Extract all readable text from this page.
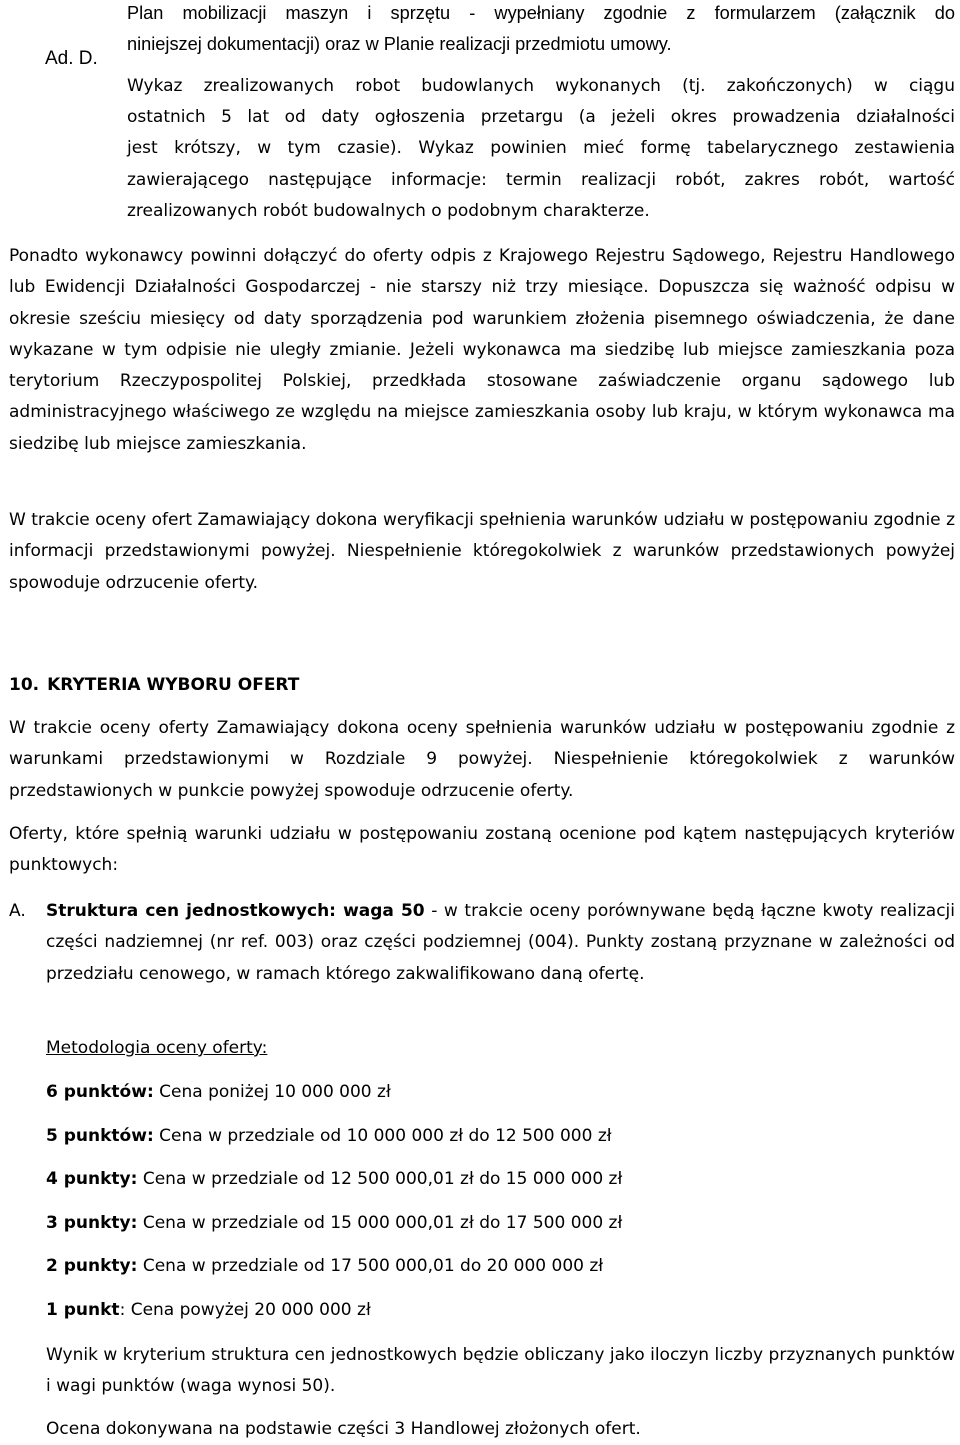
Plan mobilizacji maszyn i sprzętu - wypełniany zgodnie z formularzem (załącznik do
niniejszej dokumentacji) oraz w Planie realizacji przedmiotu umowy.
Ad. D.
Wykaz zrealizowanych robot budowlanych wykonanych (tj. zakończonych) w ciągu
ostatnich 5 lat od daty ogłoszenia przetargu (a jeżeli okres prowadzenia działalności
jest krótszy, w tym czasie). Wykaz powinien mieć formę tabelarycznego zestawienia
zawierającego następujące informacje: termin realizacji robót, zakres robót, wartość
zrealizowanych robót budowalnych o podobnym charakterze.
Ponadto wykonawcy powinni dołączyć do oferty odpis z Krajowego Rejestru Sądowego, Rejestru Handlowego lub Ewidencji Działalności Gospodarczej - nie starszy niż trzy miesiące. Dopuszcza się ważność odpisu w okresie sześciu miesięcy od daty sporządzenia pod warunkiem złożenia pisemnego oświadczenia, że dane wykazane w tym odpisie nie uległy zmianie. Jeżeli wykonawca ma siedzibę lub miejsce zamieszkania poza terytorium Rzeczypospolitej Polskiej, przedkłada stosowane zaświadczenie organu sądowego lub administracyjnego właściwego ze względu na miejsce zamieszkania osoby lub kraju, w którym wykonawca ma siedzibę lub miejsce zamieszkania.
W trakcie oceny ofert Zamawiający dokona weryfikacji spełnienia warunków udziału w postępowaniu zgodnie z informacji przedstawionymi powyżej. Niespełnienie któregokolwiek z warunków przedstawionych powyżej spowoduje odrzucenie oferty.
10. KRYTERIA WYBORU OFERT
W trakcie oceny oferty Zamawiający dokona oceny spełnienia warunków udziału w postępowaniu zgodnie z warunkami przedstawionymi w Rozdziale 9 powyżej. Niespełnienie któregokolwiek z warunków przedstawionych w punkcie powyżej spowoduje odrzucenie oferty.
Oferty, które spełnią warunki udziału w postępowaniu zostaną ocenione pod kątem następujących kryteriów punktowych:
A. Struktura cen jednostkowych: waga 50 - w trakcie oceny porównywane będą łączne kwoty realizacji części nadziemnej (nr ref. 003) oraz części podziemnej (004). Punkty zostaną przyznane w zależności od przedziału cenowego, w ramach którego zakwalifikowano daną ofertę.
Metodologia oceny oferty:
6 punktów: Cena poniżej 10 000 000 zł
5 punktów: Cena w przedziale od 10 000 000 zł do 12 500 000 zł
4 punkty: Cena w przedziale od 12 500 000,01 zł do 15 000 000 zł
3 punkty: Cena w przedziale od 15 000 000,01 zł do 17 500 000 zł
2 punkty: Cena w przedziale od 17 500 000,01 do 20 000 000 zł
1 punkt: Cena powyżej 20 000 000 zł
Wynik w kryterium struktura cen jednostkowych będzie obliczany jako iloczyn liczby przyznanych punktów i wagi punktów (waga wynosi 50).
Ocena dokonywana na podstawie części 3 Handlowej złożonych ofert.
